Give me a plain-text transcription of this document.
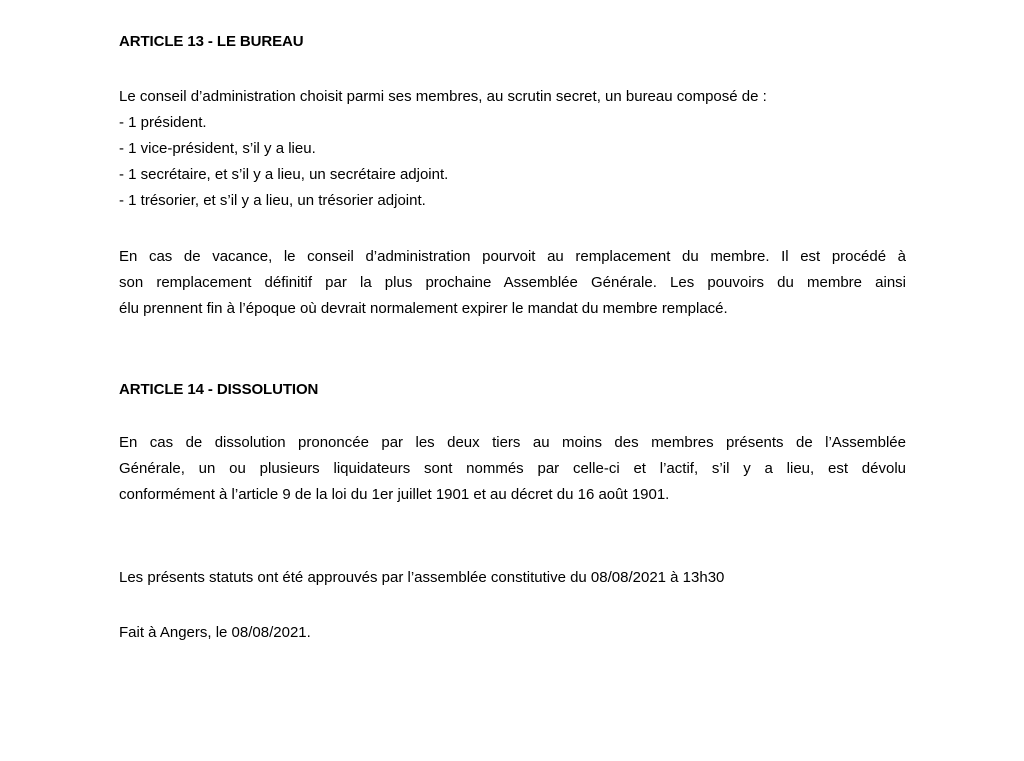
ARTICLE 13 - LE BUREAU

Le conseil d’administration choisit parmi ses membres, au scrutin secret, un bureau composé de :
- 1 président.
- 1 vice-président, s’il y a lieu.
- 1 secrétaire, et s’il y a lieu, un secrétaire adjoint.
- 1 trésorier, et s’il y a lieu, un trésorier adjoint.
En cas de vacance, le conseil d’administration pourvoit au remplacement du membre. Il est procédé à
son remplacement définitif par la plus prochaine Assemblée Générale. Les pouvoirs du membre ainsi
élu prennent fin à l’époque où devrait normalement expirer le mandat du membre remplacé.

ARTICLE 14 - DISSOLUTION

En cas de dissolution prononcée par les deux tiers au moins des membres présents de l’Assemblée
Générale, un ou plusieurs liquidateurs sont nommés par celle-ci et l’actif, s’il y a lieu, est dévolu
conformément à l’article 9 de la loi du 1er juillet 1901 et au décret du 16 août 1901.
Les présents statuts ont été approuvés par l’assemblée constitutive du 08/08/2021 à 13h30
Fait à Angers, le 08/08/2021.
